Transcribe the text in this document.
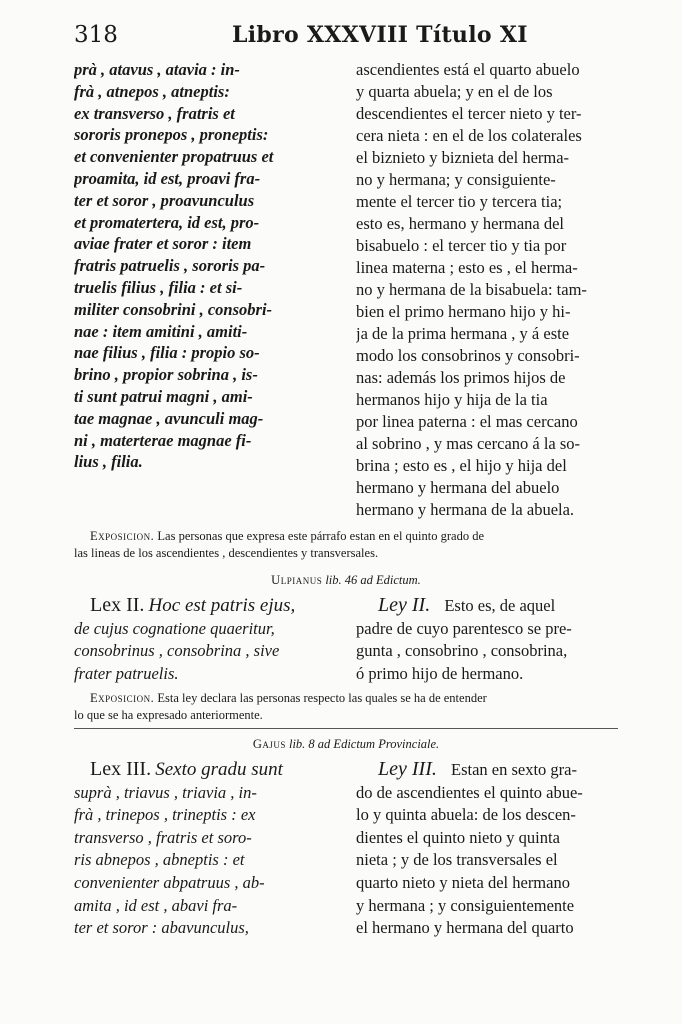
318	Libro XXXVIII Título XI
prà , atavus , atavia : in-
frà , atnepos , atneptis:
ex transverso , fratris et
sororis pronepos , proneptis:
et convenienter propatruus et
proamita, id est, proavi fra-
ter et soror , proavunculus
et promatertera, id est, pro-
aviae frater et soror : item
fratris patruelis , sororis pa-
truelis filius , filia : et si-
militer consobrini , consobri-
nae : item amitini , amiti-
nae filius , filia : propio so-
brino , propior sobrina , is-
ti sunt patrui magni , ami-
tae magnae , avunculi mag-
ni , materterae magnae fi-
lius , filia.
ascendientes está el quarto abuelo
y quarta abuela; y en el de los
descendientes el tercer nieto y ter-
cera nieta : en el de los colaterales
el biznieto y biznieta del herma-
no y hermana; y consiguiente-
mente el tercer tio y tercera tia;
esto es, hermano y hermana del
bisabuelo : el tercer tio y tia por
linea materna ; esto es , el herma-
no y hermana de la bisabuela: tam-
bien el primo hermano hijo y hi-
ja de la prima hermana , y á este
modo los consobrinos y consobri-
nas: además los primos hijos de
hermanos hijo y hija de la tia
por linea paterna : el mas cercano
al sobrino , y mas cercano á la so-
brina ; esto es , el hijo y hija del
hermano y hermana del abuelo
hermano y hermana de la abuela.
Exposicion. Las personas que expresa este párrafo estan en el quinto grado de
las lineas de los ascendientes , descendientes y transversales.
Ulpianus lib. 46 ad Edictum.
Lex II. Hoc est patris ejus,
de cujus cognatione quaeritur,
consobrinus , consobrina , sive
frater patruelis.
Ley II. Esto es, de aquel
padre de cuyo parentesco se pre-
gunta , consobrino , consobrina,
ó primo hijo de hermano.
Exposicion. Esta ley declara las personas respecto las quales se ha de entender
lo que se ha expresado anteriormente.
Gajus lib. 8 ad Edictum Provinciale.
Lex III. Sexto gradu sunt
suprà , triavus , triavia , in-
frà , trinepos , trineptis : ex
transverso , fratris et soro-
ris abnepos , abneptis : et
convenienter abpatruus , ab-
amita , id est , abavi fra-
ter et soror : abavunculus,
Ley III. Estan en sexto gra-
do de ascendientes el quinto abue-
lo y quinta abuela: de los descen-
dientes el quinto nieto y quinta
nieta ; y de los transversales el
quarto nieto y nieta del hermano
y hermana ; y consiguientemente
el hermano y hermana del quarto
